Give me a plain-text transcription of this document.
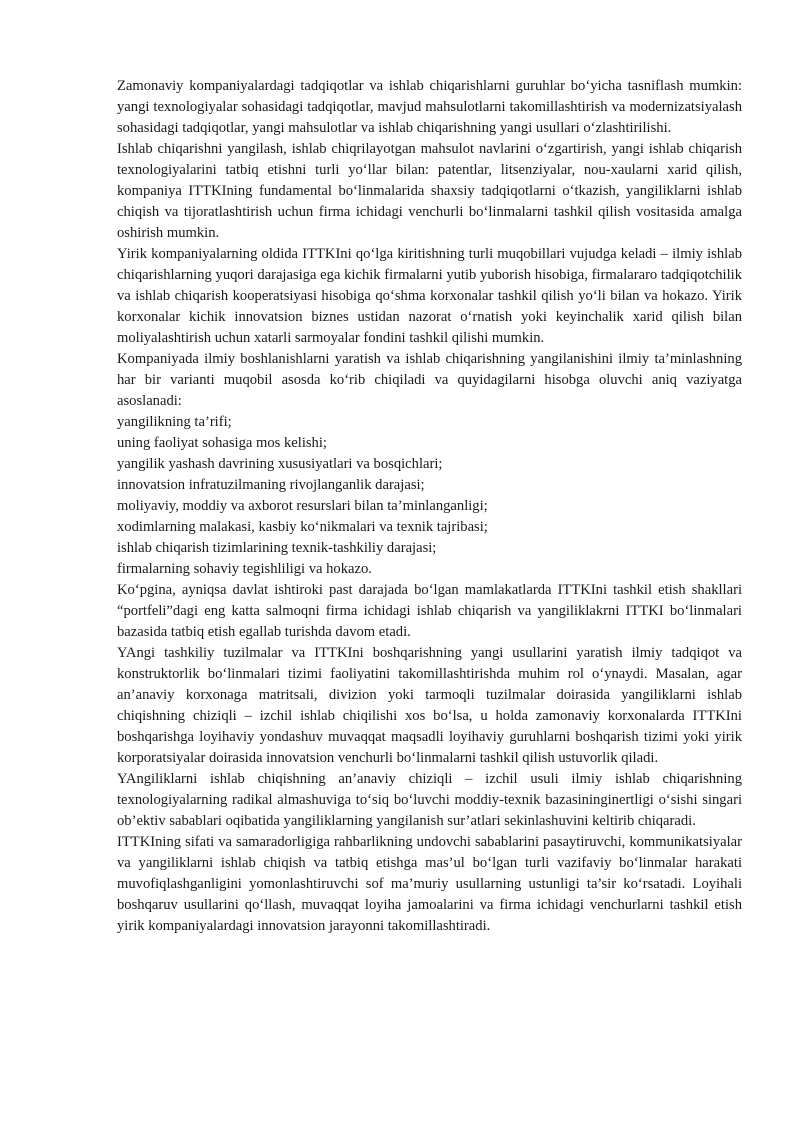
Zamonaviy kompaniyalardagi tadqiqotlar va ishlab chiqarishlarni guruhlar bo‘yicha tasniflash mumkin: yangi texnologiyalar sohasidagi tadqiqotlar, mavjud mahsulotlarni takomillashtirish va modernizatsiyalash sohasidagi tadqiqotlar, yangi mahsulotlar va ishlab chiqarishning yangi usullari o‘zlashtirilishi.

Ishlab chiqarishni yangilash, ishlab chiqrilayotgan mahsulot navlarini o‘zgartirish, yangi ishlab chiqarish texnologiyalarini tatbiq etishni turli yo‘llar bilan: patentlar, litsenziyalar, nou-xaularni xarid qilish, kompaniya ITTKIning fundamental bo‘linmalarida shaxsiy tadqiqotlarni o‘tkazish, yangiliklarni ishlab chiqish va tijoratlashtirish uchun firma ichidagi venchurli bo‘linmalarni tashkil qilish vositasida amalga oshirish mumkin.

Yirik kompaniyalarning oldida ITTKIni qo‘lga kiritishning turli muqobillari vujudga keladi – ilmiy ishlab chiqarishlarning yuqori darajasiga ega kichik firmalarni yutib yuborish hisobiga, firmalararo tadqiqotchilik va ishlab chiqarish kooperatsiyasi hisobiga qo‘shma korxonalar tashkil qilish yo‘li bilan va hokazo. Yirik korxonalar kichik innovatsion biznes ustidan nazorat o‘rnatish yoki keyinchalik xarid qilish bilan moliyalashtirish uchun xatarli sarmoyalar fondini tashkil qilishi mumkin.

Kompaniyada ilmiy boshlanishlarni yaratish va ishlab chiqarishning yangilanishini ilmiy ta’minlashning har bir varianti muqobil asosda ko‘rib chiqiladi va quyidagilarni hisobga oluvchi aniq vaziyatga asoslanadi:

yangilikning ta’rifi;

uning faoliyat sohasiga mos kelishi;

yangilik yashash davrining xususiyatlari va bosqichlari;

innovatsion infratuzilmaning rivojlanganlik darajasi;

moliyaviy, moddiy va axborot resurslari bilan ta’minlanganligi;

xodimlarning malakasi, kasbiy ko‘nikmalari va texnik tajribasi;

ishlab chiqarish tizimlarining texnik-tashkiliy darajasi;

firmalarning sohaviy tegishliligi va hokazo.

Ko‘pgina, ayniqsa davlat ishtiroki past darajada bo‘lgan mamlakatlarda ITTKIni tashkil etish shakllari “portfeli”dagi eng katta salmoqni firma ichidagi ishlab chiqarish va yangiliklakrni ITTKI bo‘linmalari bazasida tatbiq etish egallab turishda davom etadi.

YAngi tashkiliy tuzilmalar va ITTKIni boshqarishning yangi usullarini yaratish ilmiy tadqiqot va konstruktorlik bo‘linmalari tizimi faoliyatini takomillashtirishda muhim rol o‘ynaydi. Masalan, agar an’anaviy korxonaga matritsali, divizion yoki tarmoqli tuzilmalar doirasida yangiliklarni ishlab chiqishning chiziqli – izchil ishlab chiqilishi xos bo‘lsa, u holda zamonaviy korxonalarda ITTKIni boshqarishga loyihaviy yondashuv muvaqqat maqsadli loyihaviy guruhlarni boshqarish tizimi yoki yirik korporatsiyalar doirasida innovatsion venchurli bo‘linmalarni tashkil qilish ustuvorlik qiladi.

YAngiliklarni ishlab chiqishning an’anaviy chiziqli – izchil usuli ilmiy ishlab chiqarishning texnologiyalarning radikal almashuviga to‘siq bo‘luvchi moddiy-texnik bazasininginertligi o‘sishi singari ob’ektiv sabablari oqibatida yangiliklarning yangilanish sur’atlari sekinlashuvini keltirib chiqaradi.

ITTKIning sifati va samaradorligiga rahbarlikning undovchi sabablarini pasaytiruvchi, kommunikatsiyalar va yangiliklarni ishlab chiqish va tatbiq etishga mas’ul bo‘lgan turli vazifaviy bo‘linmalar harakati muvofiqlashganligini yomonlashtiruvchi sof ma’muriy usullarning ustunligi ta’sir ko‘rsatadi. Loyihali boshqaruv usullarini qo‘llash, muvaqqat loyiha jamoalarini va firma ichidagi venchurlarni tashkil etish yirik kompaniyalardagi innovatsion jarayonni takomillashtiradi.
